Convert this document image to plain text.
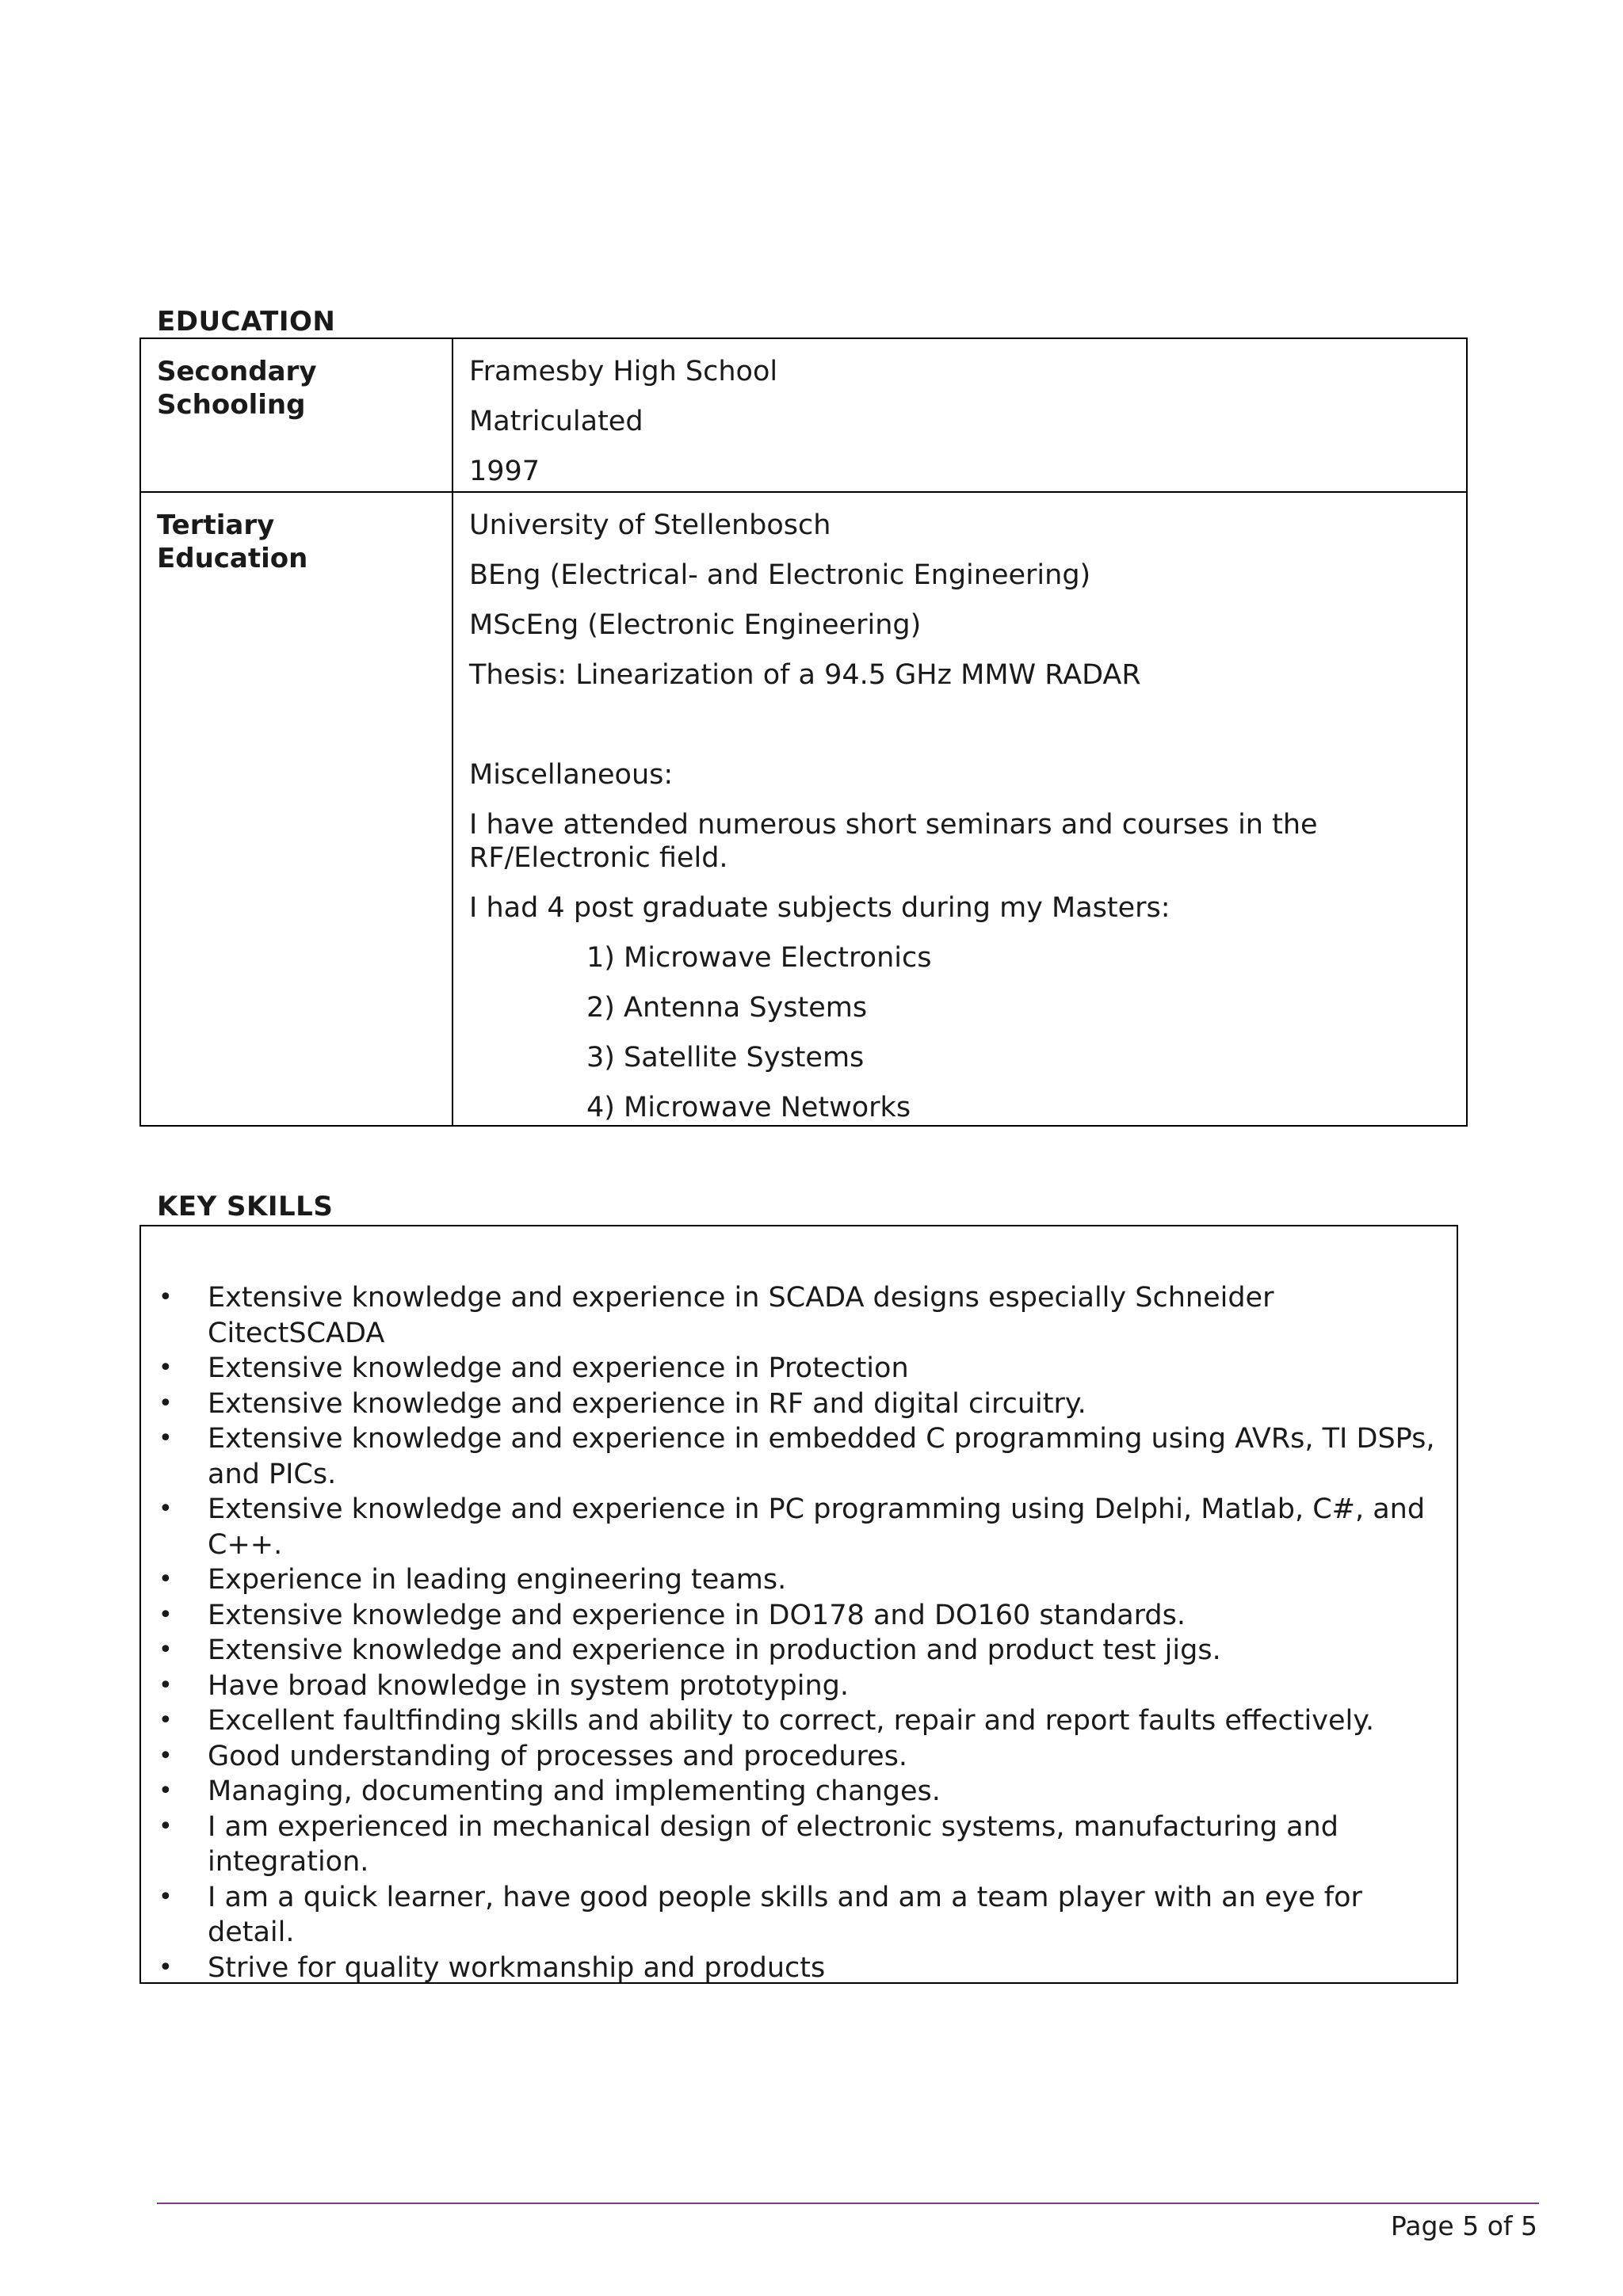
EDUCATION
Secondary
Schooling
Framesby High School
Matriculated
1997
Tertiary
Education
University of Stellenbosch
BEng (Electrical- and Electronic Engineering)
MScEng (Electronic Engineering)
Thesis: Linearization of a 94.5 GHz MMW RADAR
Miscellaneous:
I have attended numerous short seminars and courses in the
RF/Electronic field.
I had 4 post graduate subjects during my Masters:
1) Microwave Electronics
2) Antenna Systems
3) Satellite Systems
4) Microwave Networks
KEY SKILLS
• Extensive knowledge and experience in SCADA designs especially Schneider
CitectSCADA
• Extensive knowledge and experience in Protection
• Extensive knowledge and experience in RF and digital circuitry.
• Extensive knowledge and experience in embedded C programming using AVRs, TI DSPs,
and PICs.
• Extensive knowledge and experience in PC programming using Delphi, Matlab, C#, and
C++.
• Experience in leading engineering teams.
• Extensive knowledge and experience in DO178 and DO160 standards.
• Extensive knowledge and experience in production and product test jigs.
• Have broad knowledge in system prototyping.
• Excellent faultfinding skills and ability to correct, repair and report faults effectively.
• Good understanding of processes and procedures.
• Managing, documenting and implementing changes.
• I am experienced in mechanical design of electronic systems, manufacturing and
integration.
• I am a quick learner, have good people skills and am a team player with an eye for
detail.
• Strive for quality workmanship and products
Page 5 of 5
